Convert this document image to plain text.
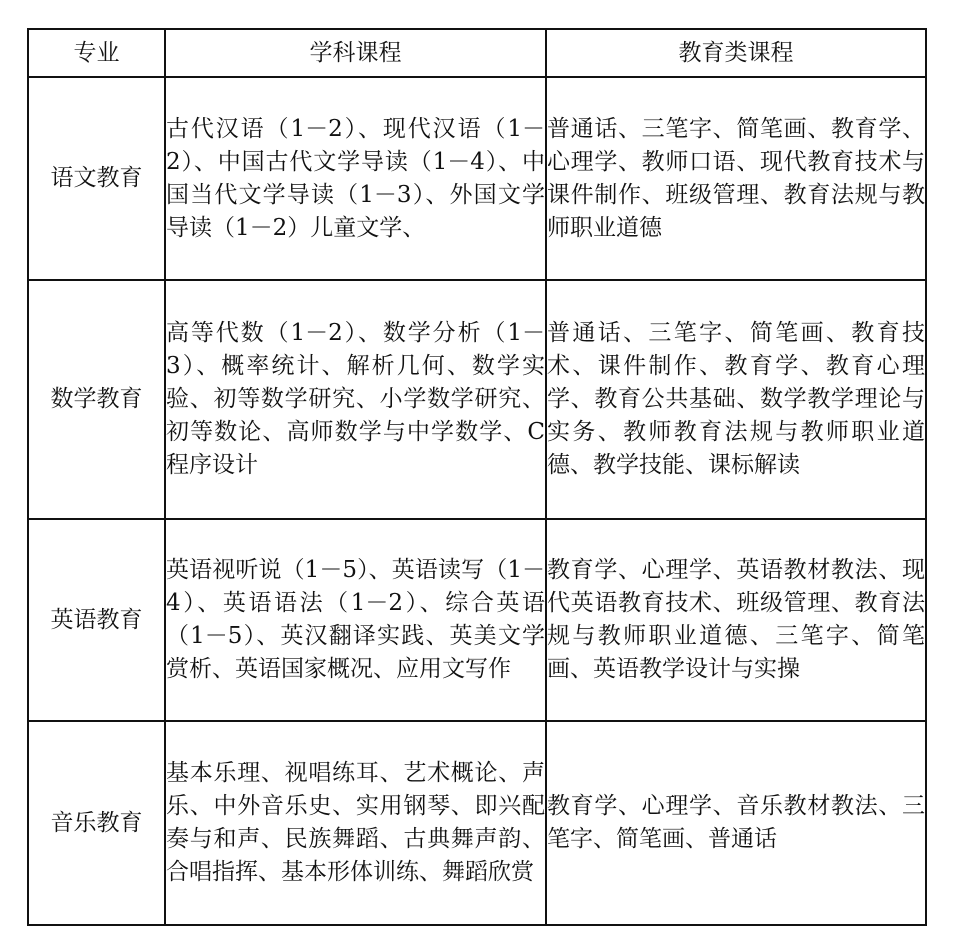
专业	学科课程	教育类课程
语文教育	古代汉语（1－2）、现代汉语（1－2）、中国古代文学导读（1－4）、中国当代文学导读（1－3）、外国文学导读（1－2）儿童文学、	普通话、三笔字、简笔画、教育学、心理学、教师口语、现代教育技术与课件制作、班级管理、教育法规与教师职业道德
数学教育	高等代数（1－2）、数学分析（1－3）、概率统计、解析几何、数学实验、初等数学研究、小学数学研究、初等数论、高师数学与中学数学、C 程序设计	普通话、三笔字、简笔画、教育技术、课件制作、教育学、教育心理学、教育公共基础、数学教学理论与实务、教师教育法规与教师职业道德、教学技能、课标解读
英语教育	英语视听说（1－5）、英语读写（1－4）、英语语法（1－2）、综合英语（1－5）、英汉翻译实践、英美文学赏析、英语国家概况、应用文写作	教育学、心理学、英语教材教法、现代英语教育技术、班级管理、教育法规与教师职业道德、三笔字、简笔画、英语教学设计与实操
音乐教育	基本乐理、视唱练耳、艺术概论、声乐、中外音乐史、实用钢琴、即兴配奏与和声、民族舞蹈、古典舞声韵、合唱指挥、基本形体训练、舞蹈欣赏	教育学、心理学、音乐教材教法、三笔字、简笔画、普通话
